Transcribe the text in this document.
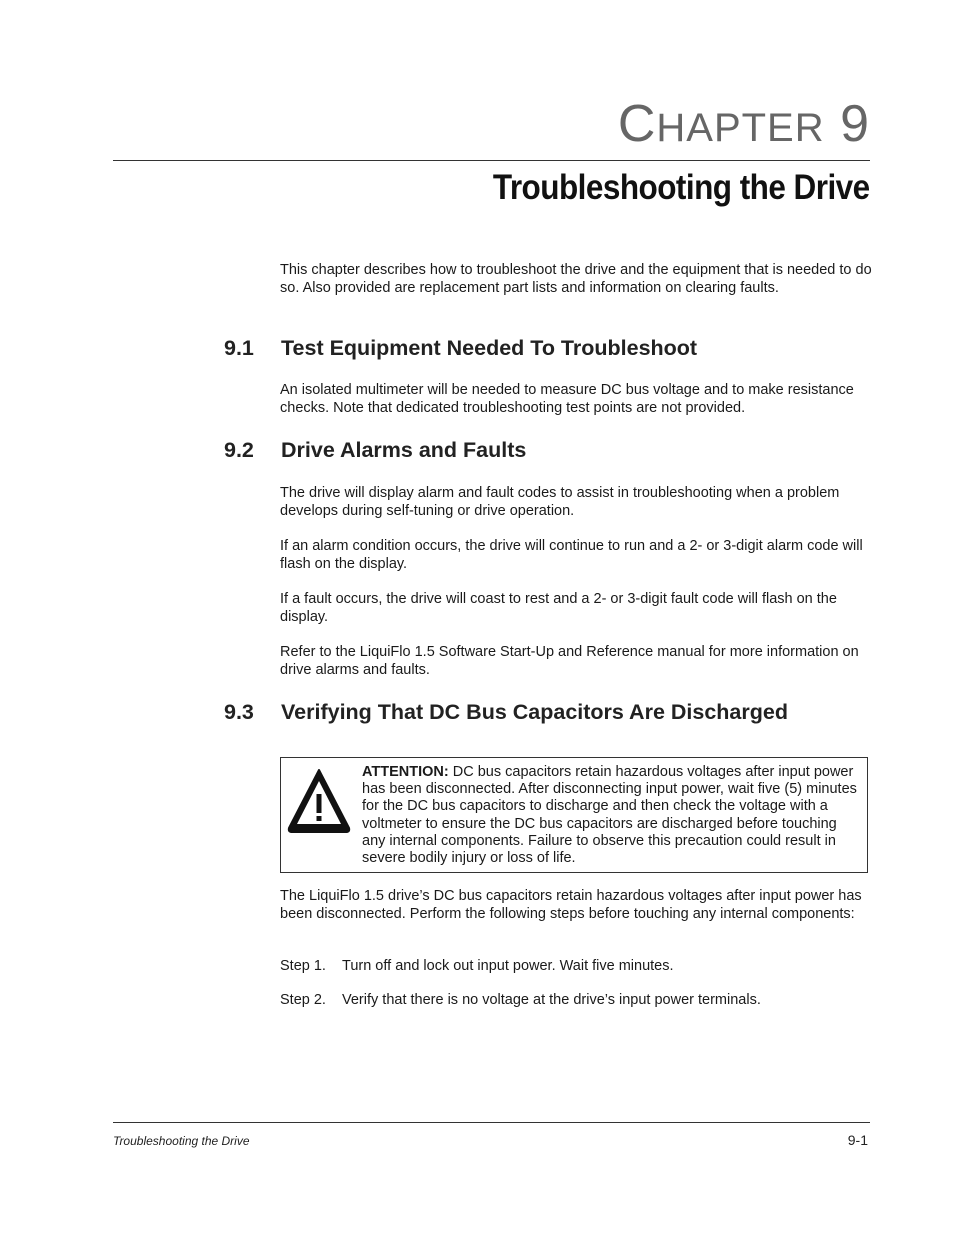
CHAPTER 9
Troubleshooting the Drive

This chapter describes how to troubleshoot the drive and the equipment that is needed to do so. Also provided are replacement part lists and information on clearing faults.

9.1 Test Equipment Needed To Troubleshoot

An isolated multimeter will be needed to measure DC bus voltage and to make resistance checks. Note that dedicated troubleshooting test points are not provided.

9.2 Drive Alarms and Faults

The drive will display alarm and fault codes to assist in troubleshooting when a problem develops during self-tuning or drive operation.

If an alarm condition occurs, the drive will continue to run and a 2- or 3-digit alarm code will flash on the display.

If a fault occurs, the drive will coast to rest and a 2- or 3-digit fault code will flash on the display.

Refer to the LiquiFlo 1.5 Software Start-Up and Reference manual for more information on drive alarms and faults.

9.3 Verifying That DC Bus Capacitors Are Discharged

ATTENTION: DC bus capacitors retain hazardous voltages after input power has been disconnected. After disconnecting input power, wait five (5) minutes for the DC bus capacitors to discharge and then check the voltage with a voltmeter to ensure the DC bus capacitors are discharged before touching any internal components. Failure to observe this precaution could result in severe bodily injury or loss of life.

The LiquiFlo 1.5 drive’s DC bus capacitors retain hazardous voltages after input power has been disconnected. Perform the following steps before touching any internal components:

Step 1. Turn off and lock out input power. Wait five minutes.

Step 2. Verify that there is no voltage at the drive’s input power terminals.

Troubleshooting the Drive	9-1
